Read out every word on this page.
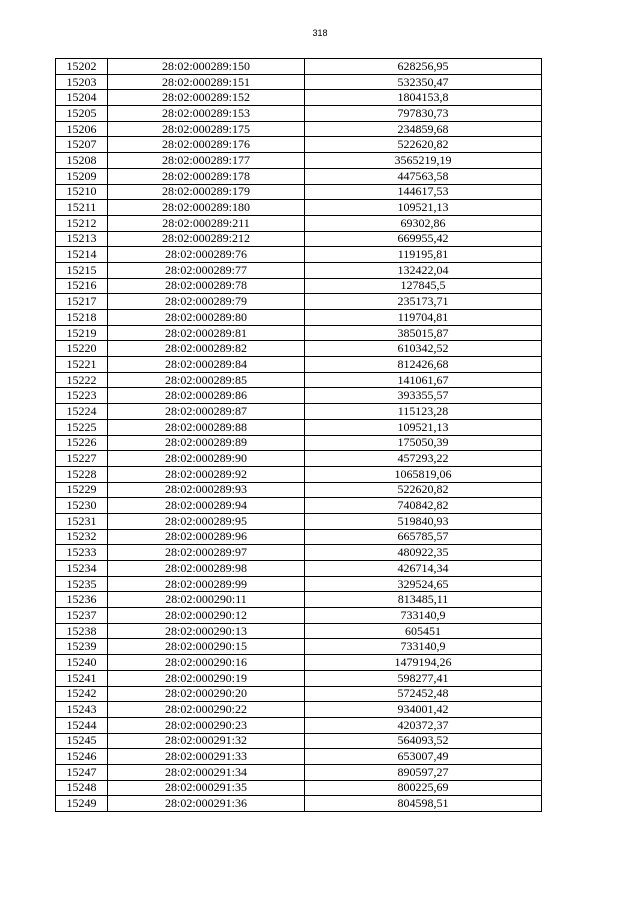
318
15202	28:02:000289:150	628256,95
15203	28:02:000289:151	532350,47
15204	28:02:000289:152	1804153,8
15205	28:02:000289:153	797830,73
15206	28:02:000289:175	234859,68
15207	28:02:000289:176	522620,82
15208	28:02:000289:177	3565219,19
15209	28:02:000289:178	447563,58
15210	28:02:000289:179	144617,53
15211	28:02:000289:180	109521,13
15212	28:02:000289:211	69302,86
15213	28:02:000289:212	669955,42
15214	28:02:000289:76	119195,81
15215	28:02:000289:77	132422,04
15216	28:02:000289:78	127845,5
15217	28:02:000289:79	235173,71
15218	28:02:000289:80	119704,81
15219	28:02:000289:81	385015,87
15220	28:02:000289:82	610342,52
15221	28:02:000289:84	812426,68
15222	28:02:000289:85	141061,67
15223	28:02:000289:86	393355,57
15224	28:02:000289:87	115123,28
15225	28:02:000289:88	109521,13
15226	28:02:000289:89	175050,39
15227	28:02:000289:90	457293,22
15228	28:02:000289:92	1065819,06
15229	28:02:000289:93	522620,82
15230	28:02:000289:94	740842,82
15231	28:02:000289:95	519840,93
15232	28:02:000289:96	665785,57
15233	28:02:000289:97	480922,35
15234	28:02:000289:98	426714,34
15235	28:02:000289:99	329524,65
15236	28:02:000290:11	813485,11
15237	28:02:000290:12	733140,9
15238	28:02:000290:13	605451
15239	28:02:000290:15	733140,9
15240	28:02:000290:16	1479194,26
15241	28:02:000290:19	598277,41
15242	28:02:000290:20	572452,48
15243	28:02:000290:22	934001,42
15244	28:02:000290:23	420372,37
15245	28:02:000291:32	564093,52
15246	28:02:000291:33	653007,49
15247	28:02:000291:34	890597,27
15248	28:02:000291:35	800225,69
15249	28:02:000291:36	804598,51
